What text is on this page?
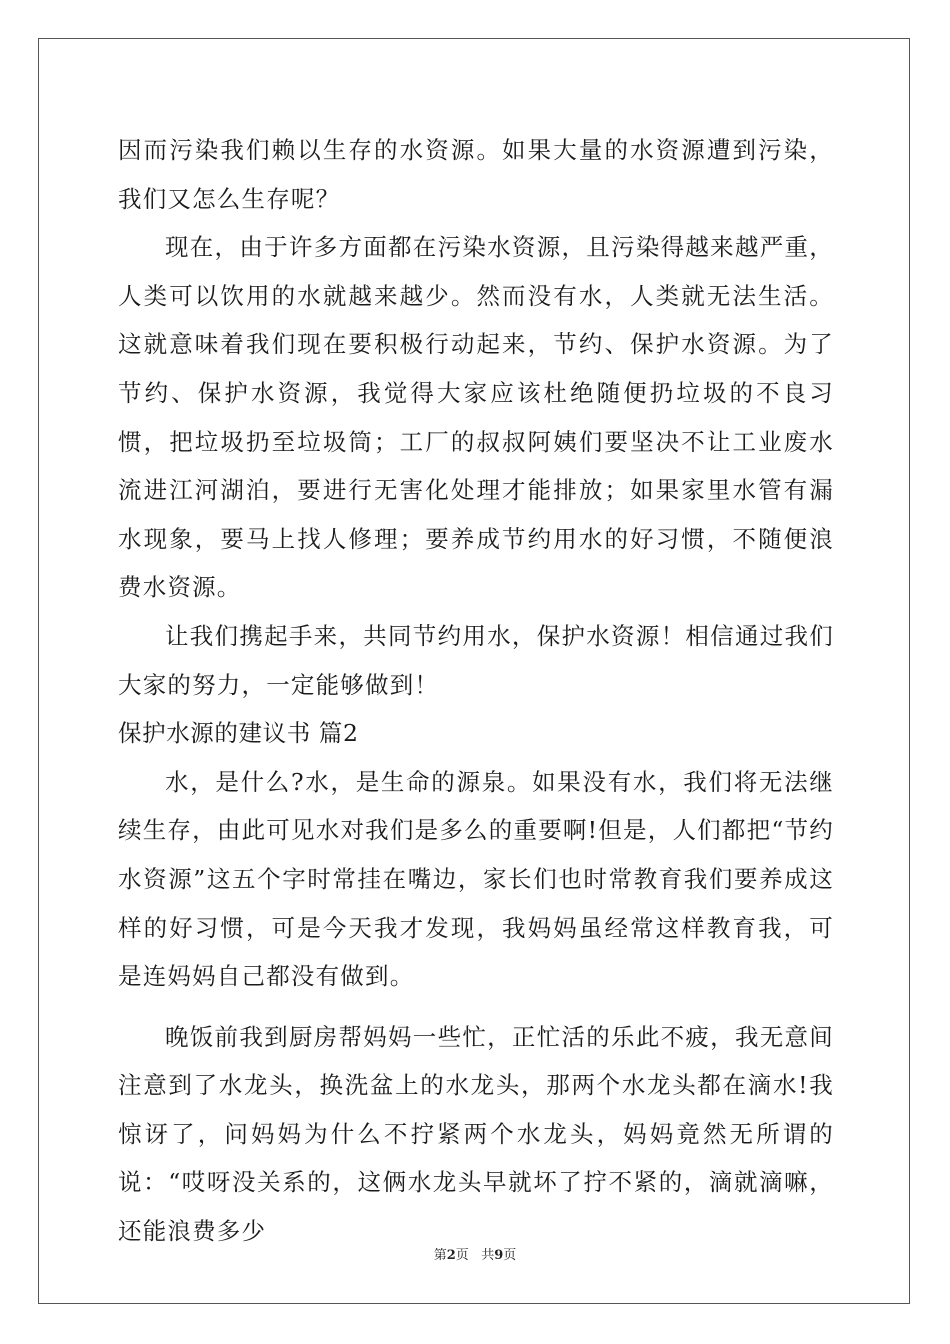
因而污染我们赖以生存的水资源。如果大量的水资源遭到污染，我们又怎么生存呢？

现在，由于许多方面都在污染水资源，且污染得越来越严重，人类可以饮用的水就越来越少。然而没有水，人类就无法生活。这就意味着我们现在要积极行动起来，节约、保护水资源。为了节约、保护水资源，我觉得大家应该杜绝随便扔垃圾的不良习惯，把垃圾扔至垃圾筒；工厂的叔叔阿姨们要坚决不让工业废水流进江河湖泊，要进行无害化处理才能排放；如果家里水管有漏水现象，要马上找人修理；要养成节约用水的好习惯，不随便浪费水资源。

让我们携起手来，共同节约用水，保护水资源！相信通过我们大家的努力，一定能够做到！

保护水源的建议书 篇2

水，是什么?水，是生命的源泉。如果没有水，我们将无法继续生存，由此可见水对我们是多么的重要啊!但是，人们都把“节约水资源”这五个字时常挂在嘴边，家长们也时常教育我们要养成这样的好习惯，可是今天我才发现，我妈妈虽经常这样教育我，可是连妈妈自己都没有做到。

晚饭前我到厨房帮妈妈一些忙，正忙活的乐此不疲，我无意间注意到了水龙头，换洗盆上的水龙头，那两个水龙头都在滴水!我惊讶了，问妈妈为什么不拧紧两个水龙头，妈妈竟然无所谓的说：“哎呀没关系的，这俩水龙头早就坏了拧不紧的，滴就滴嘛，还能浪费多少

第2页 共9页
